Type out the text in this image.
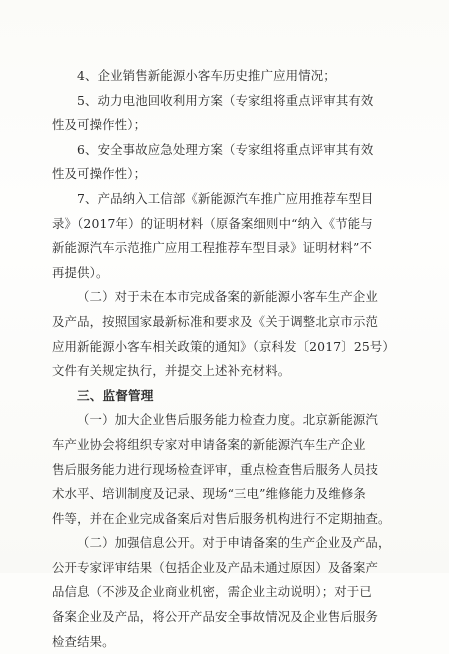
4、企业销售新能源小客车历史推广应用情况；
5、动力电池回收利用方案（专家组将重点评审其有效
性及可操作性）；
6、安全事故应急处理方案（专家组将重点评审其有效
性及可操作性）；
7、产品纳入工信部《新能源汽车推广应用推荐车型目
录》（2017年）的证明材料（原备案细则中“纳入《节能与
新能源汽车示范推广应用工程推荐车型目录》证明材料”不
再提供）。
（二）对于未在本市完成备案的新能源小客车生产企业
及产品，按照国家最新标准和要求及《关于调整北京市示范
应用新能源小客车相关政策的通知》（京科发〔2017〕25号）
文件有关规定执行，并提交上述补充材料。
三、监督管理
（一）加大企业售后服务能力检查力度。北京新能源汽
车产业协会将组织专家对申请备案的新能源汽车生产企业
售后服务能力进行现场检查评审，重点检查售后服务人员技
术水平、培训制度及记录、现场“三电”维修能力及维修条
件等，并在企业完成备案后对售后服务机构进行不定期抽查。
（二）加强信息公开。对于申请备案的生产企业及产品，
公开专家评审结果（包括企业及产品未通过原因）及备案产
品信息（不涉及企业商业机密，需企业主动说明）；对于已
备案企业及产品，将公开产品安全事故情况及企业售后服务
检查结果。
